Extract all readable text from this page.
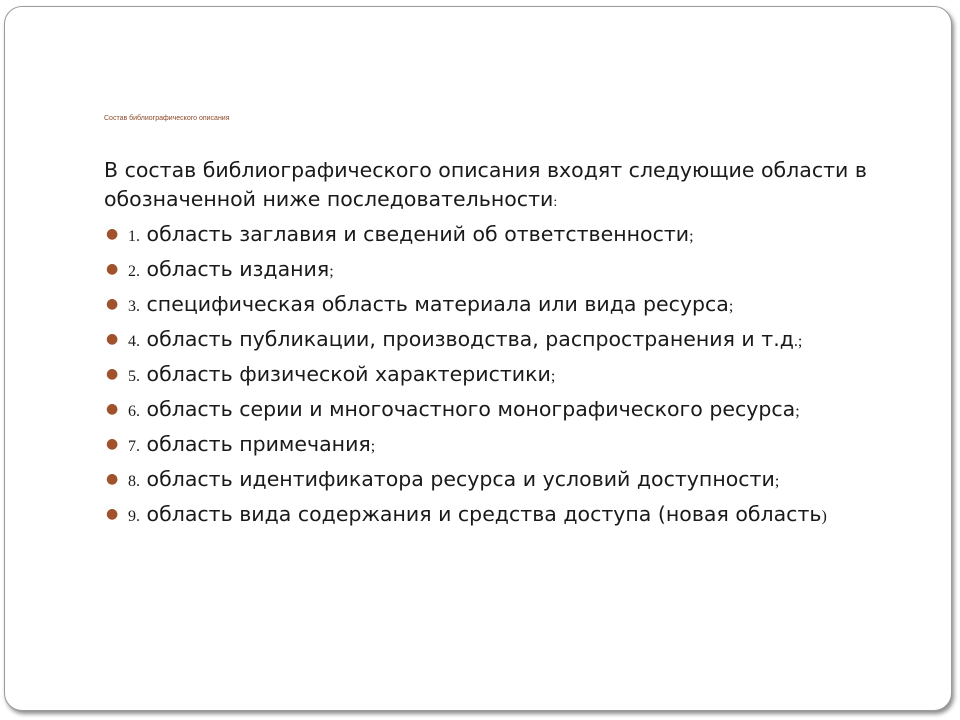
Состав библиографического описания

В состав библиографического описания входят следующие области в обозначенной ниже последовательности:

● 1. область заглавия и сведений об ответственности;
● 2. область издания;
● 3. специфическая область материала или вида ресурса;
● 4. область публикации, производства, распространения и т.д.;
● 5. область физической характеристики;
● 6. область серии и многочастного монографического ресурса;
● 7. область примечания;
● 8. область идентификатора ресурса и условий доступности;
● 9. область вида содержания и средства доступа (новая область)
